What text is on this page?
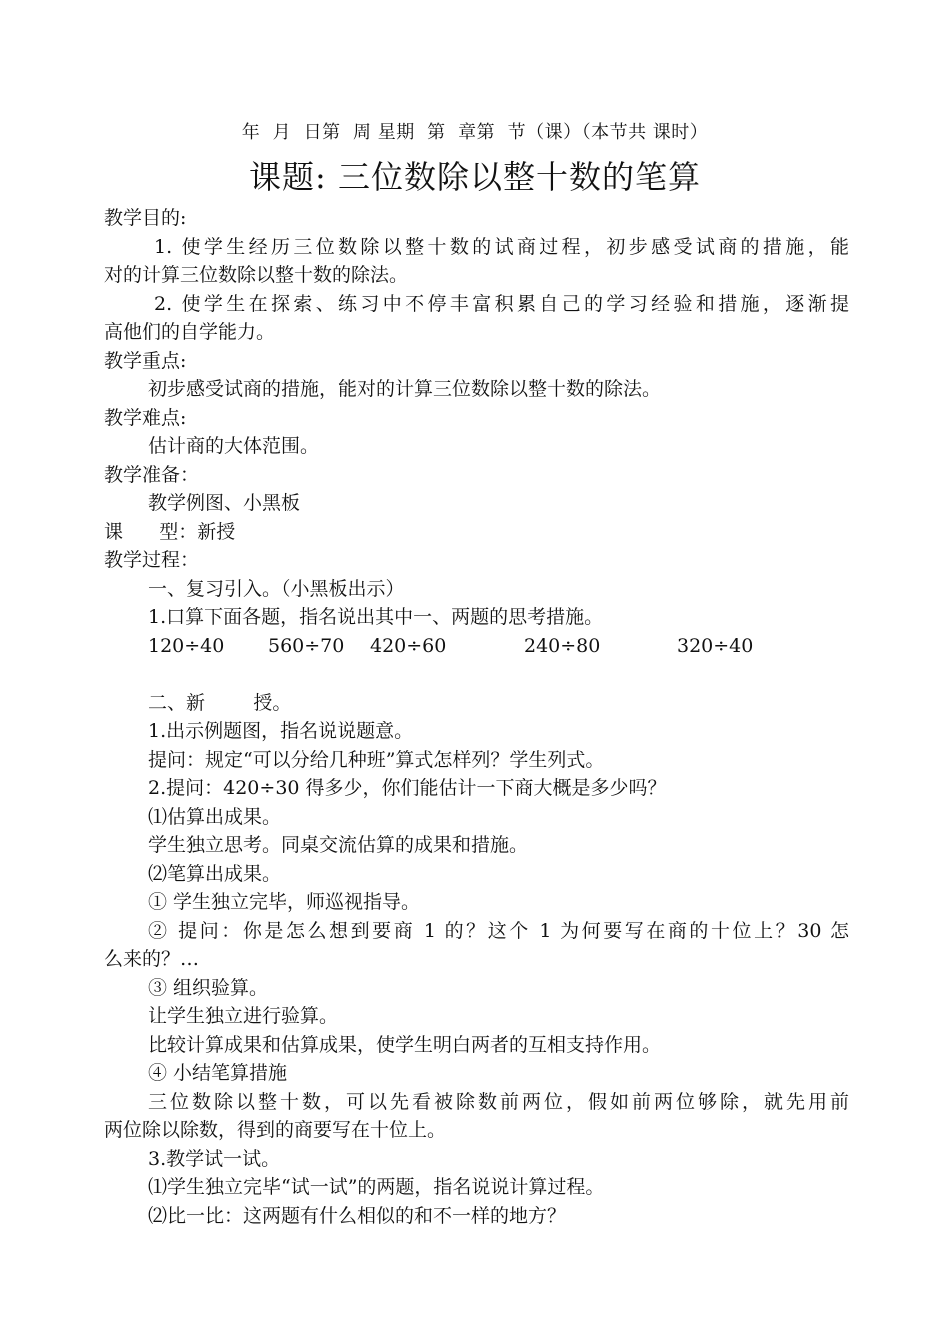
年  月  日第  周 星期  第  章第  节（课）（本节共 课时）
课题: 三位数除以整十数的笔算
教学目的:
1. 使学生经历三位数除以整十数的试商过程，初步感受试商的措施，能
对的计算三位数除以整十数的除法。
2. 使学生在探索、练习中不停丰富积累自己的学习经验和措施，逐渐提
高他们的自学能力。
教学重点:
初步感受试商的措施，能对的计算三位数除以整十数的除法。
教学难点:
估计商的大体范围。
教学准备：
教学例图、小黑板
课      型：新授
教学过程：
一、复习引入。（小黑板出示）
1.口算下面各题，指名说出其中一、两题的思考措施。
120÷40 560÷70 420÷60	240÷80	320÷40
二、新        授。
1.出示例题图，指名说说题意。
提问：规定“可以分给几种班”算式怎样列？学生列式。
2.提问：420÷30 得多少，你们能估计一下商大概是多少吗？
⑴估算出成果。
学生独立思考。同桌交流估算的成果和措施。
⑵笔算出成果。
① 学生独立完毕，师巡视指导。
② 提问：你是怎么想到要商 1 的？这个 1 为何要写在商的十位上？30 怎
么来的？…
③ 组织验算。
让学生独立进行验算。
比较计算成果和估算成果，使学生明白两者的互相支持作用。
④ 小结笔算措施
三位数除以整十数，可以先看被除数前两位，假如前两位够除，就先用前
两位除以除数，得到的商要写在十位上。
3.教学试一试。
⑴学生独立完毕“试一试”的两题，指名说说计算过程。
⑵比一比：这两题有什么相似的和不一样的地方？
